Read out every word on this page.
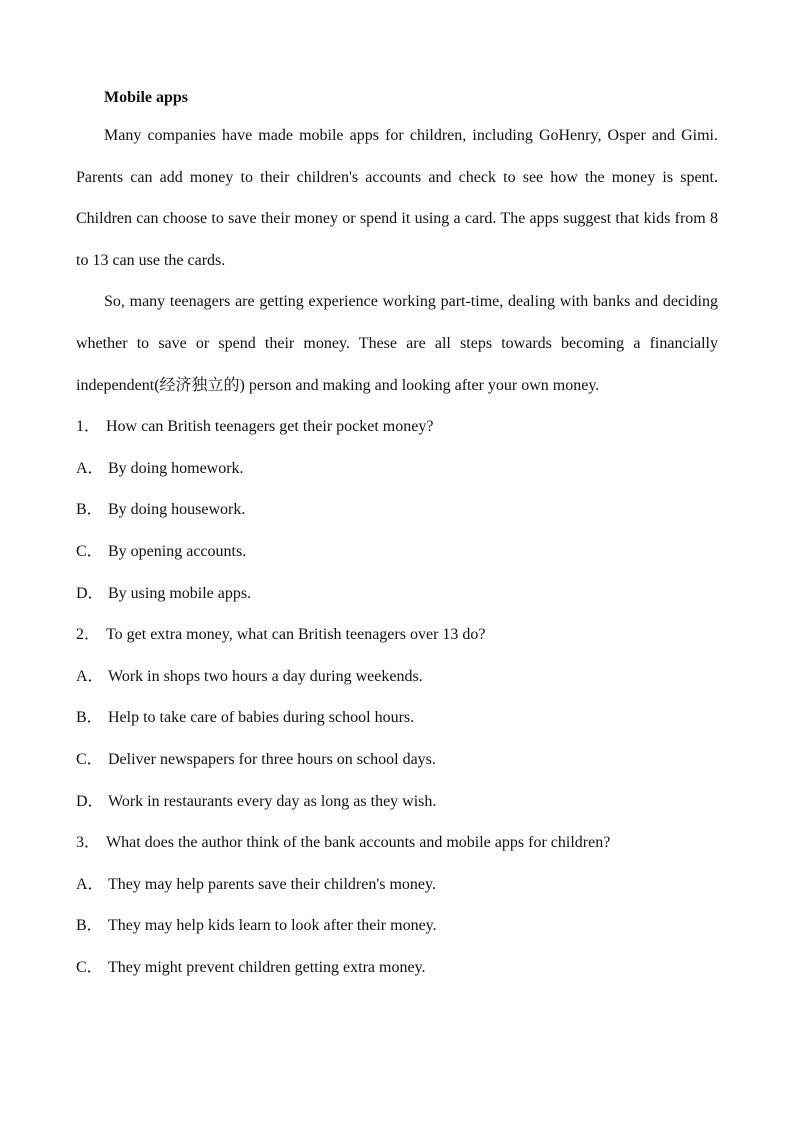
Mobile apps

Many companies have made mobile apps for children, including GoHenry, Osper and Gimi. Parents can add money to their children's accounts and check to see how the money is spent. Children can choose to save their money or spend it using a card. The apps suggest that kids from 8 to 13 can use the cards.

So, many teenagers are getting experience working part-time, dealing with banks and deciding whether to save or spend their money. These are all steps towards becoming a financially independent(经济独立的) person and making and looking after your own money.

1． How can British teenagers get their pocket money?

A． By doing homework.

B． By doing housework.

C． By opening accounts.

D． By using mobile apps.

2． To get extra money, what can British teenagers over 13 do?

A． Work in shops two hours a day during weekends.

B． Help to take care of babies during school hours.

C． Deliver newspapers for three hours on school days.

D． Work in restaurants every day as long as they wish.

3． What does the author think of the bank accounts and mobile apps for children?

A． They may help parents save their children's money.

B． They may help kids learn to look after their money.

C． They might prevent children getting extra money.
